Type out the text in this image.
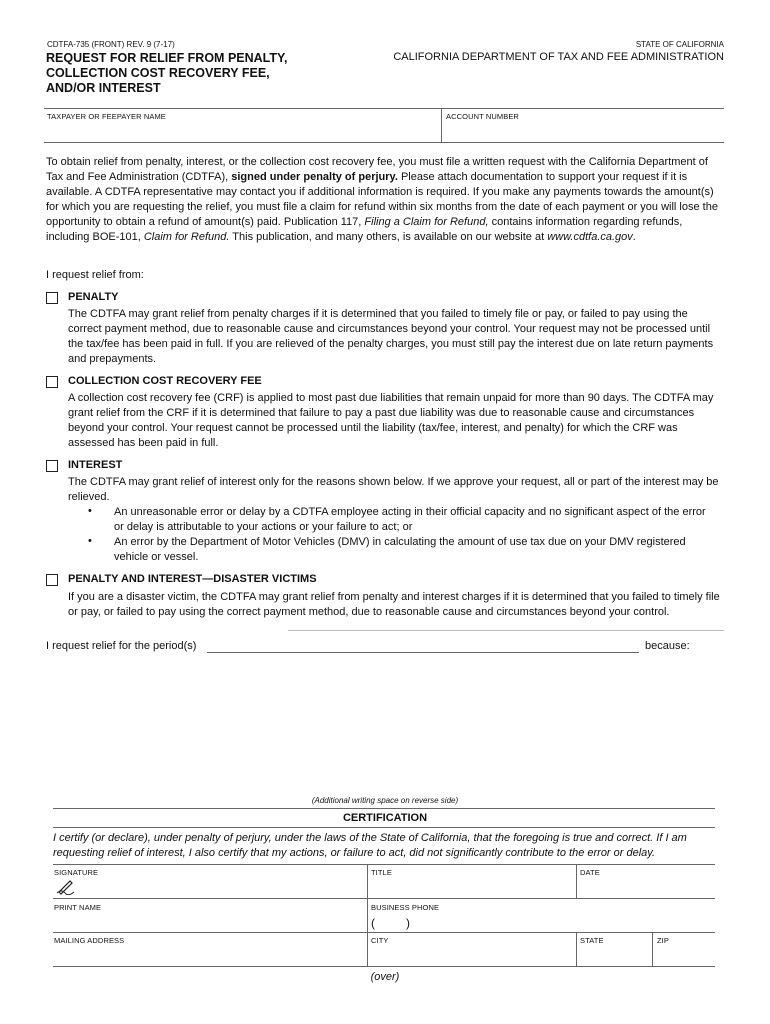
CDTFA-735 (FRONT) REV. 9 (7-17)
REQUEST FOR RELIEF FROM PENALTY,
COLLECTION COST RECOVERY FEE,
AND/OR INTEREST
STATE OF CALIFORNIA
CALIFORNIA DEPARTMENT OF TAX AND FEE ADMINISTRATION
TAXPAYER OR FEEPAYER NAME	ACCOUNT NUMBER
To obtain relief from penalty, interest, or the collection cost recovery fee, you must file a written request with the California Department of Tax and Fee Administration (CDTFA), signed under penalty of perjury. Please attach documentation to support your request if it is available. A CDTFA representative may contact you if additional information is required. If you make any payments towards the amount(s) for which you are requesting the relief, you must file a claim for refund within six months from the date of each payment or you will lose the opportunity to obtain a refund of amount(s) paid. Publication 117, Filing a Claim for Refund, contains information regarding refunds, including BOE-101, Claim for Refund. This publication, and many others, is available on our website at www.cdtfa.ca.gov.
I request relief from:
PENALTY
The CDTFA may grant relief from penalty charges if it is determined that you failed to timely file or pay, or failed to pay using the correct payment method, due to reasonable cause and circumstances beyond your control. Your request may not be processed until the tax/fee has been paid in full. If you are relieved of the penalty charges, you must still pay the interest due on late return payments and prepayments.
COLLECTION COST RECOVERY FEE
A collection cost recovery fee (CRF) is applied to most past due liabilities that remain unpaid for more than 90 days. The CDTFA may grant relief from the CRF if it is determined that failure to pay a past due liability was due to reasonable cause and circumstances beyond your control. Your request cannot be processed until the liability (tax/fee, interest, and penalty) for which the CRF was assessed has been paid in full.
INTEREST
The CDTFA may grant relief of interest only for the reasons shown below. If we approve your request, all or part of the interest may be relieved.
• An unreasonable error or delay by a CDTFA employee acting in their official capacity and no significant aspect of the error or delay is attributable to your actions or your failure to act; or
• An error by the Department of Motor Vehicles (DMV) in calculating the amount of use tax due on your DMV registered vehicle or vessel.
PENALTY AND INTEREST—DISASTER VICTIMS
If you are a disaster victim, the CDTFA may grant relief from penalty and interest charges if it is determined that you failed to timely file or pay, or failed to pay using the correct payment method, due to reasonable cause and circumstances beyond your control.
I request relief for the period(s)	because:
(Additional writing space on reverse side)
CERTIFICATION
I certify (or declare), under penalty of perjury, under the laws of the State of California, that the foregoing is true and correct. If I am requesting relief of interest, I also certify that my actions, or failure to act, did not significantly contribute to the error or delay.
SIGNATURE	TITLE	DATE
PRINT NAME	BUSINESS PHONE
(	)
MAILING ADDRESS	CITY	STATE	ZIP
(over)
